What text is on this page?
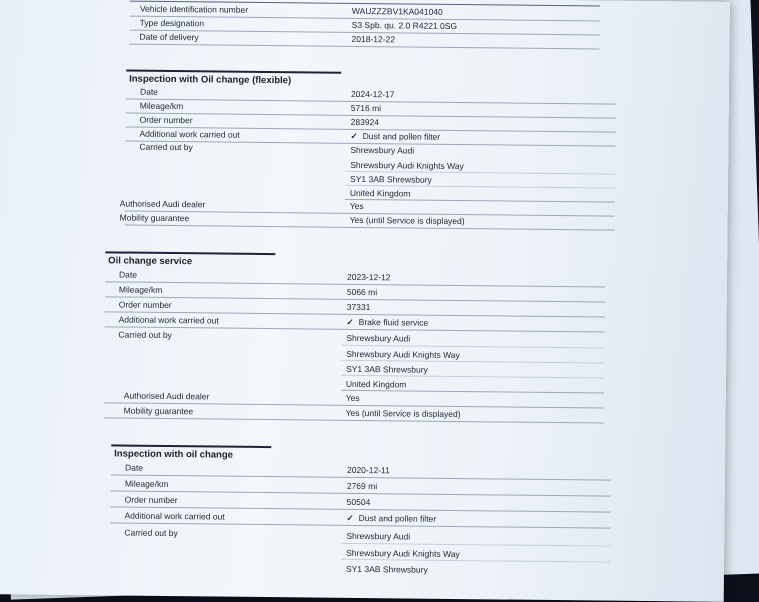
Vehicle identification number	WAUZZZBV1KA041040
Type designation	S3 Spb. qu. 2.0 R4221 0SG
Date of delivery	2018-12-22
Inspection with Oil change (flexible)
Date	2024-12-17
Mileage/km	5716 mi
Order number	283924
Additional work carried out	✓ Dust and pollen filter
Carried out by	Shrewsbury Audi
Shrewsbury Audi Knights Way
SY1 3AB Shrewsbury
United Kingdom
Authorised Audi dealer	Yes
Mobility guarantee	Yes (until Service is displayed)
Oil change service
Date	2023-12-12
Mileage/km	5066 mi
Order number	37331
Additional work carried out	✓ Brake fluid service
Carried out by	Shrewsbury Audi
Shrewsbury Audi Knights Way
SY1 3AB Shrewsbury
United Kingdom
Authorised Audi dealer	Yes
Mobility guarantee	Yes (until Service is displayed)
Inspection with oil change
Date	2020-12-11
Mileage/km	2769 mi
Order number	50504
Additional work carried out	✓ Dust and pollen filter
Carried out by	Shrewsbury Audi
Shrewsbury Audi Knights Way
SY1 3AB Shrewsbury
